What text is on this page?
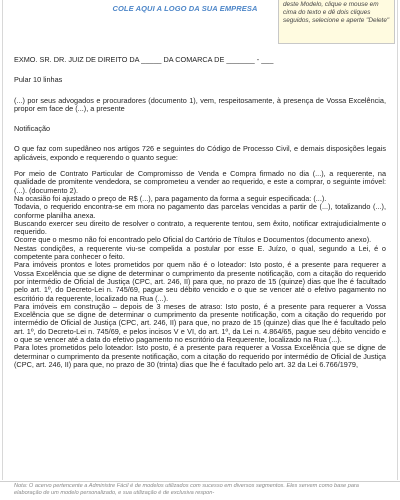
COLE AQUI A LOGO DA SUA EMPRESA	deste Modelo, clique e mouse em cima do texto e dê dois cliques seguidos, selecione e aperte "Delete"

EXMO. SR. DR. JUIZ DE DIREITO DA _____ DA COMARCA DE _______ - ___

Pular 10 linhas

(...) por seus advogados e procuradores (documento 1), vem, respeitosamente, à presença de Vossa Excelência, propor em face de (...), a presente

Notificação

O que faz com supedâneo nos artigos 726 e seguintes do Código de Processo Civil, e demais disposições legais aplicáveis, expondo e requerendo o quanto segue:

Por meio de Contrato Particular de Compromisso de Venda e Compra firmado no dia (...), a requerente, na qualidade de promitente vendedora, se comprometeu a vender ao requerido, e este a comprar, o seguinte imóvel: (...). (documento 2).

Na ocasião foi ajustado o preço de R$ (...), para pagamento da forma a seguir especificada: (...).

Todavia, o requerido encontra-se em mora no pagamento das parcelas vencidas a partir de (...), totalizando (...), conforme planilha anexa.

Buscando exercer seu direito de resolver o contrato, a requerente tentou, sem êxito, notificar extrajudicialmente o requerido.

Ocorre que o mesmo não foi encontrado pelo Oficial do Cartório de Títulos e Documentos (documento anexo).

Nestas condições, a requerente viu-se compelida a postular por esse E. Juízo, o qual, segundo a Lei, é o competente para conhecer o feito.

Para imóveis prontos e lotes prometidos por quem não é o loteador: Isto posto, é a presente para requerer a Vossa Excelência que se digne de determinar o cumprimento da presente notificação, com a citação do requerido por intermédio de Oficial de Justiça (CPC, art. 246, II) para que, no prazo de 15 (quinze) dias que lhe é facultado pelo art. 1º, do Decreto-Lei n. 745/69, pague seu débito vencido e o que se vencer até o efetivo pagamento no escritório da requerente, localizado na Rua (...).

Para imóveis em construção – depois de 3 meses de atraso: Isto posto, é a presente para requerer a Vossa Excelência que se digne de determinar o cumprimento da presente notificação, com a citação do requerido por intermédio de Oficial de Justiça (CPC, art. 246, II) para que, no prazo de 15 (quinze) dias que lhe é facultado pelo art. 1º, do Decreto-Lei n. 745/69, e pelos incisos V e VI, do art. 1º, da Lei n. 4.864/65, pague seu débito vencido e o que se vencer até a data do efetivo pagamento no escritório da Requerente, localizado na Rua (...).

Para lotes prometidos pelo loteador: Isto posto, é a presente para requerer a Vossa Excelência que se digne de determinar o cumprimento da presente notificação, com a citação do requerido por intermédio de Oficial de Justiça (CPC, art. 246, II) para que, no prazo de 30 (trinta) dias que lhe é facultado pelo art. 32 da Lei 6.766/1979,

Nota: O acervo pertencente a Administre Fácil é de modelos utilizados com sucesso em diversos segmentos. Eles servem como base para elaboração de um modelo personalizado, e sua utilização é de exclusiva respon-
